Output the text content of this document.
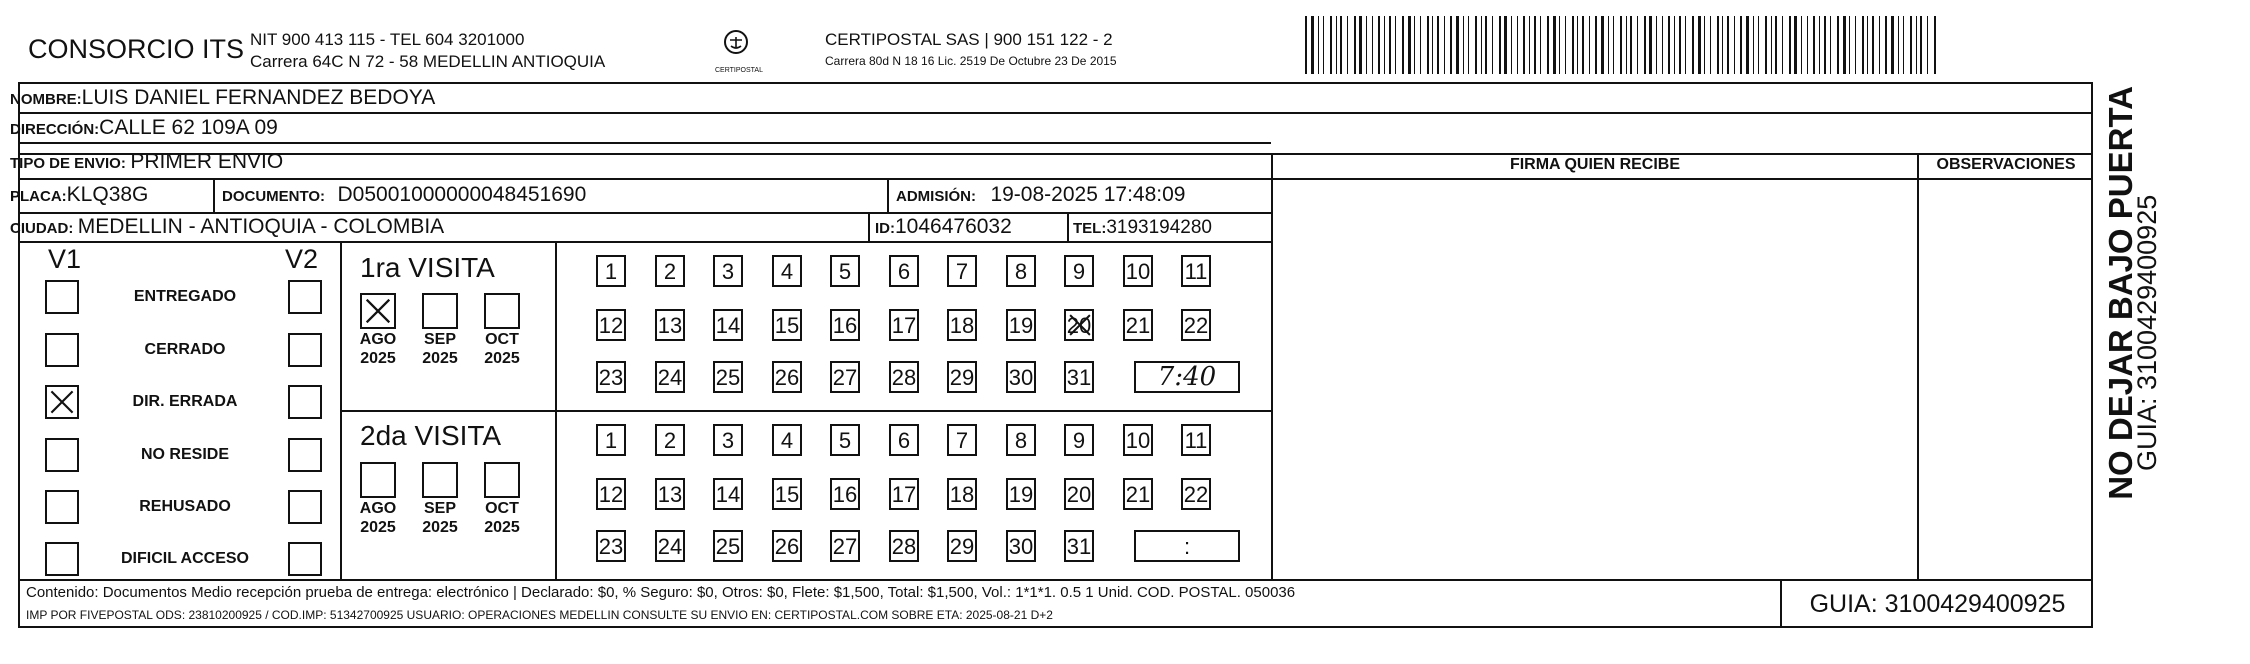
CONSORCIO ITS NIT 900 413 115 - TEL 604 3201000
Carrera 64C N 72 - 58 MEDELLIN ANTIOQUIA	CERTIPOSTAL
CERTIPOSTAL SAS | 900 151 122 - 2
Carrera 80d N 18 16 Lic. 2519 De Octubre 23 De 2015
FIRMA QUIEN RECIBE	OBSERVACIONES
NOMBRE:LUIS DANIEL FERNANDEZ BEDOYA
DIRECCIÓN:CALLE 62 109A 09
TIPO DE ENVIO: PRIMER ENVIO
PLACA:KLQ38G	DOCUMENTO: D05001000000048451690	ADMISIÓN: 19-08-2025 17:48:09
CIUDAD: MEDELLIN - ANTIOQUIA - COLOMBIA	ID:1046476032	TEL:3193194280
V1	V2
ENTREGADO
CERRADO
DIR. ERRADA
NO RESIDE
REHUSADO
DIFICIL ACCESO
1ra VISITA
2da VISITA
AGO
2025
SEP
2025
OCT
2025
1	2	3	4	5	6	7	8	9	10 11
12 13 14 15 16 17 18 19 20 21 22
23 24 25 26 27 28 29 30 31	7:40
AGO
2025
SEP
2025
OCT
2025
1	2	3	4	5	6	7	8	9	10 11
12 13 14 15 16 17 18 19 20 21 22
23 24 25 26 27 28 29 30 31	:
NO DEJAR BAJO PUERTA
GUIA: 3100429400925
Contenido: Documentos Medio recepción prueba de entrega: electrónico | Declarado: $0, % Seguro: $0, Otros: $0, Flete: $1,500, Total: $1,500, Vol.: 1*1*1. 0.5 1 Unid. COD. POSTAL. 050036
IMP POR FIVEPOSTAL ODS: 23810200925 / COD.IMP: 51342700925 USUARIO: OPERACIONES MEDELLIN CONSULTE SU ENVIO EN: CERTIPOSTAL.COM SOBRE ETA: 2025-08-21 D+2	GUIA: 3100429400925
